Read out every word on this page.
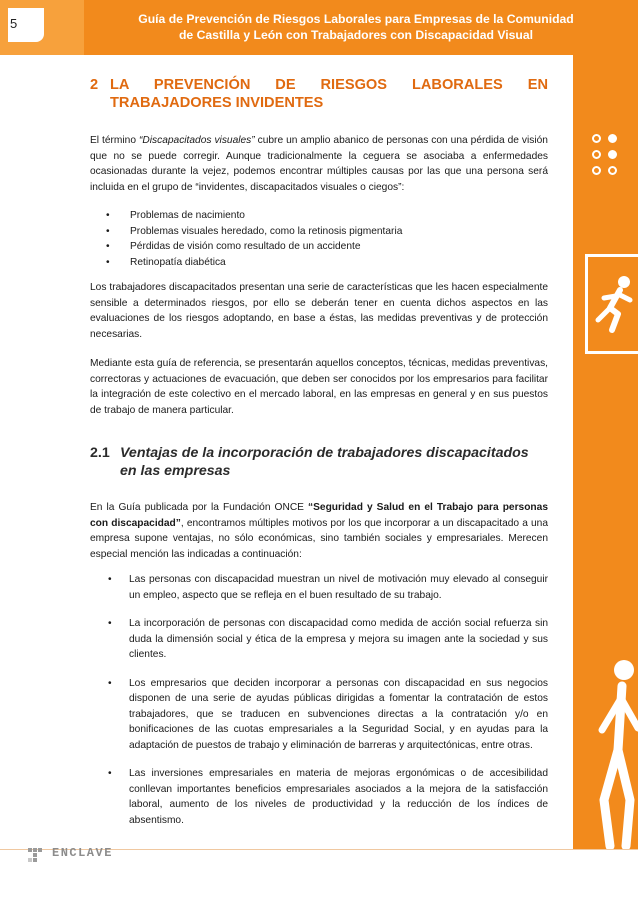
5	Guía de Prevención de Riesgos Laborales para Empresas de la Comunidad
de Castilla y León con Trabajadores con Discapacidad Visual
ENCLAVE
2 LA PREVENCIÓN DE RIESGOS LABORALES EN
TRABAJADORES INVIDENTES

El término “Discapacitados visuales” cubre un amplio abanico de personas con una pérdida de visión que no se puede corregir. Aunque tradicionalmente la ceguera se asociaba a enfermedades ocasionadas durante la vejez, podemos encontrar múltiples causas por las que una persona será incluida en el grupo de “invidentes, discapacitados visuales o ciegos”:

• Problemas de nacimiento
• Problemas visuales heredado, como la retinosis pigmentaria
• Pérdidas de visión como resultado de un accidente
• Retinopatía diabética

Los trabajadores discapacitados presentan una serie de características que les hacen especialmente sensible a determinados riesgos, por ello se deberán tener en cuenta dichos aspectos en las evaluaciones de los riesgos adoptando, en base a éstas, las medidas preventivas y de protección necesarias.

Mediante esta guía de referencia, se presentarán aquellos conceptos, técnicas, medidas preventivas, correctoras y actuaciones de evacuación, que deben ser conocidos por los empresarios para facilitar la integración de este colectivo en el mercado laboral, en las empresas en general y en sus puestos de trabajo de manera particular.

2.1 Ventajas de la incorporación de trabajadores discapacitados en las empresas

En la Guía publicada por la Fundación ONCE “Seguridad y Salud en el Trabajo para personas con discapacidad”, encontramos múltiples motivos por los que incorporar a un discapacitado a una empresa supone ventajas, no sólo económicas, sino también sociales y empresariales. Merecen especial mención las indicadas a continuación:

• Las personas con discapacidad muestran un nivel de motivación muy elevado al conseguir un empleo, aspecto que se refleja en el buen resultado de su trabajo.
• La incorporación de personas con discapacidad como medida de acción social refuerza sin duda la dimensión social y ética de la empresa y mejora su imagen ante la sociedad y sus clientes.
• Los empresarios que deciden incorporar a personas con discapacidad en sus negocios disponen de una serie de ayudas públicas dirigidas a fomentar la contratación de estos trabajadores, que se traducen en subvenciones directas a la contratación y/o en bonificaciones de las cuotas empresariales a la Seguridad Social, y en ayudas para la adaptación de puestos de trabajo y eliminación de barreras y arquitectónicas, entre otras.
• Las inversiones empresariales en materia de mejoras ergonómicas o de accesibilidad conllevan importantes beneficios empresariales asociados a la mejora de la satisfacción laboral, aumento de los niveles de productividad y la reducción de los índices de absentismo.
